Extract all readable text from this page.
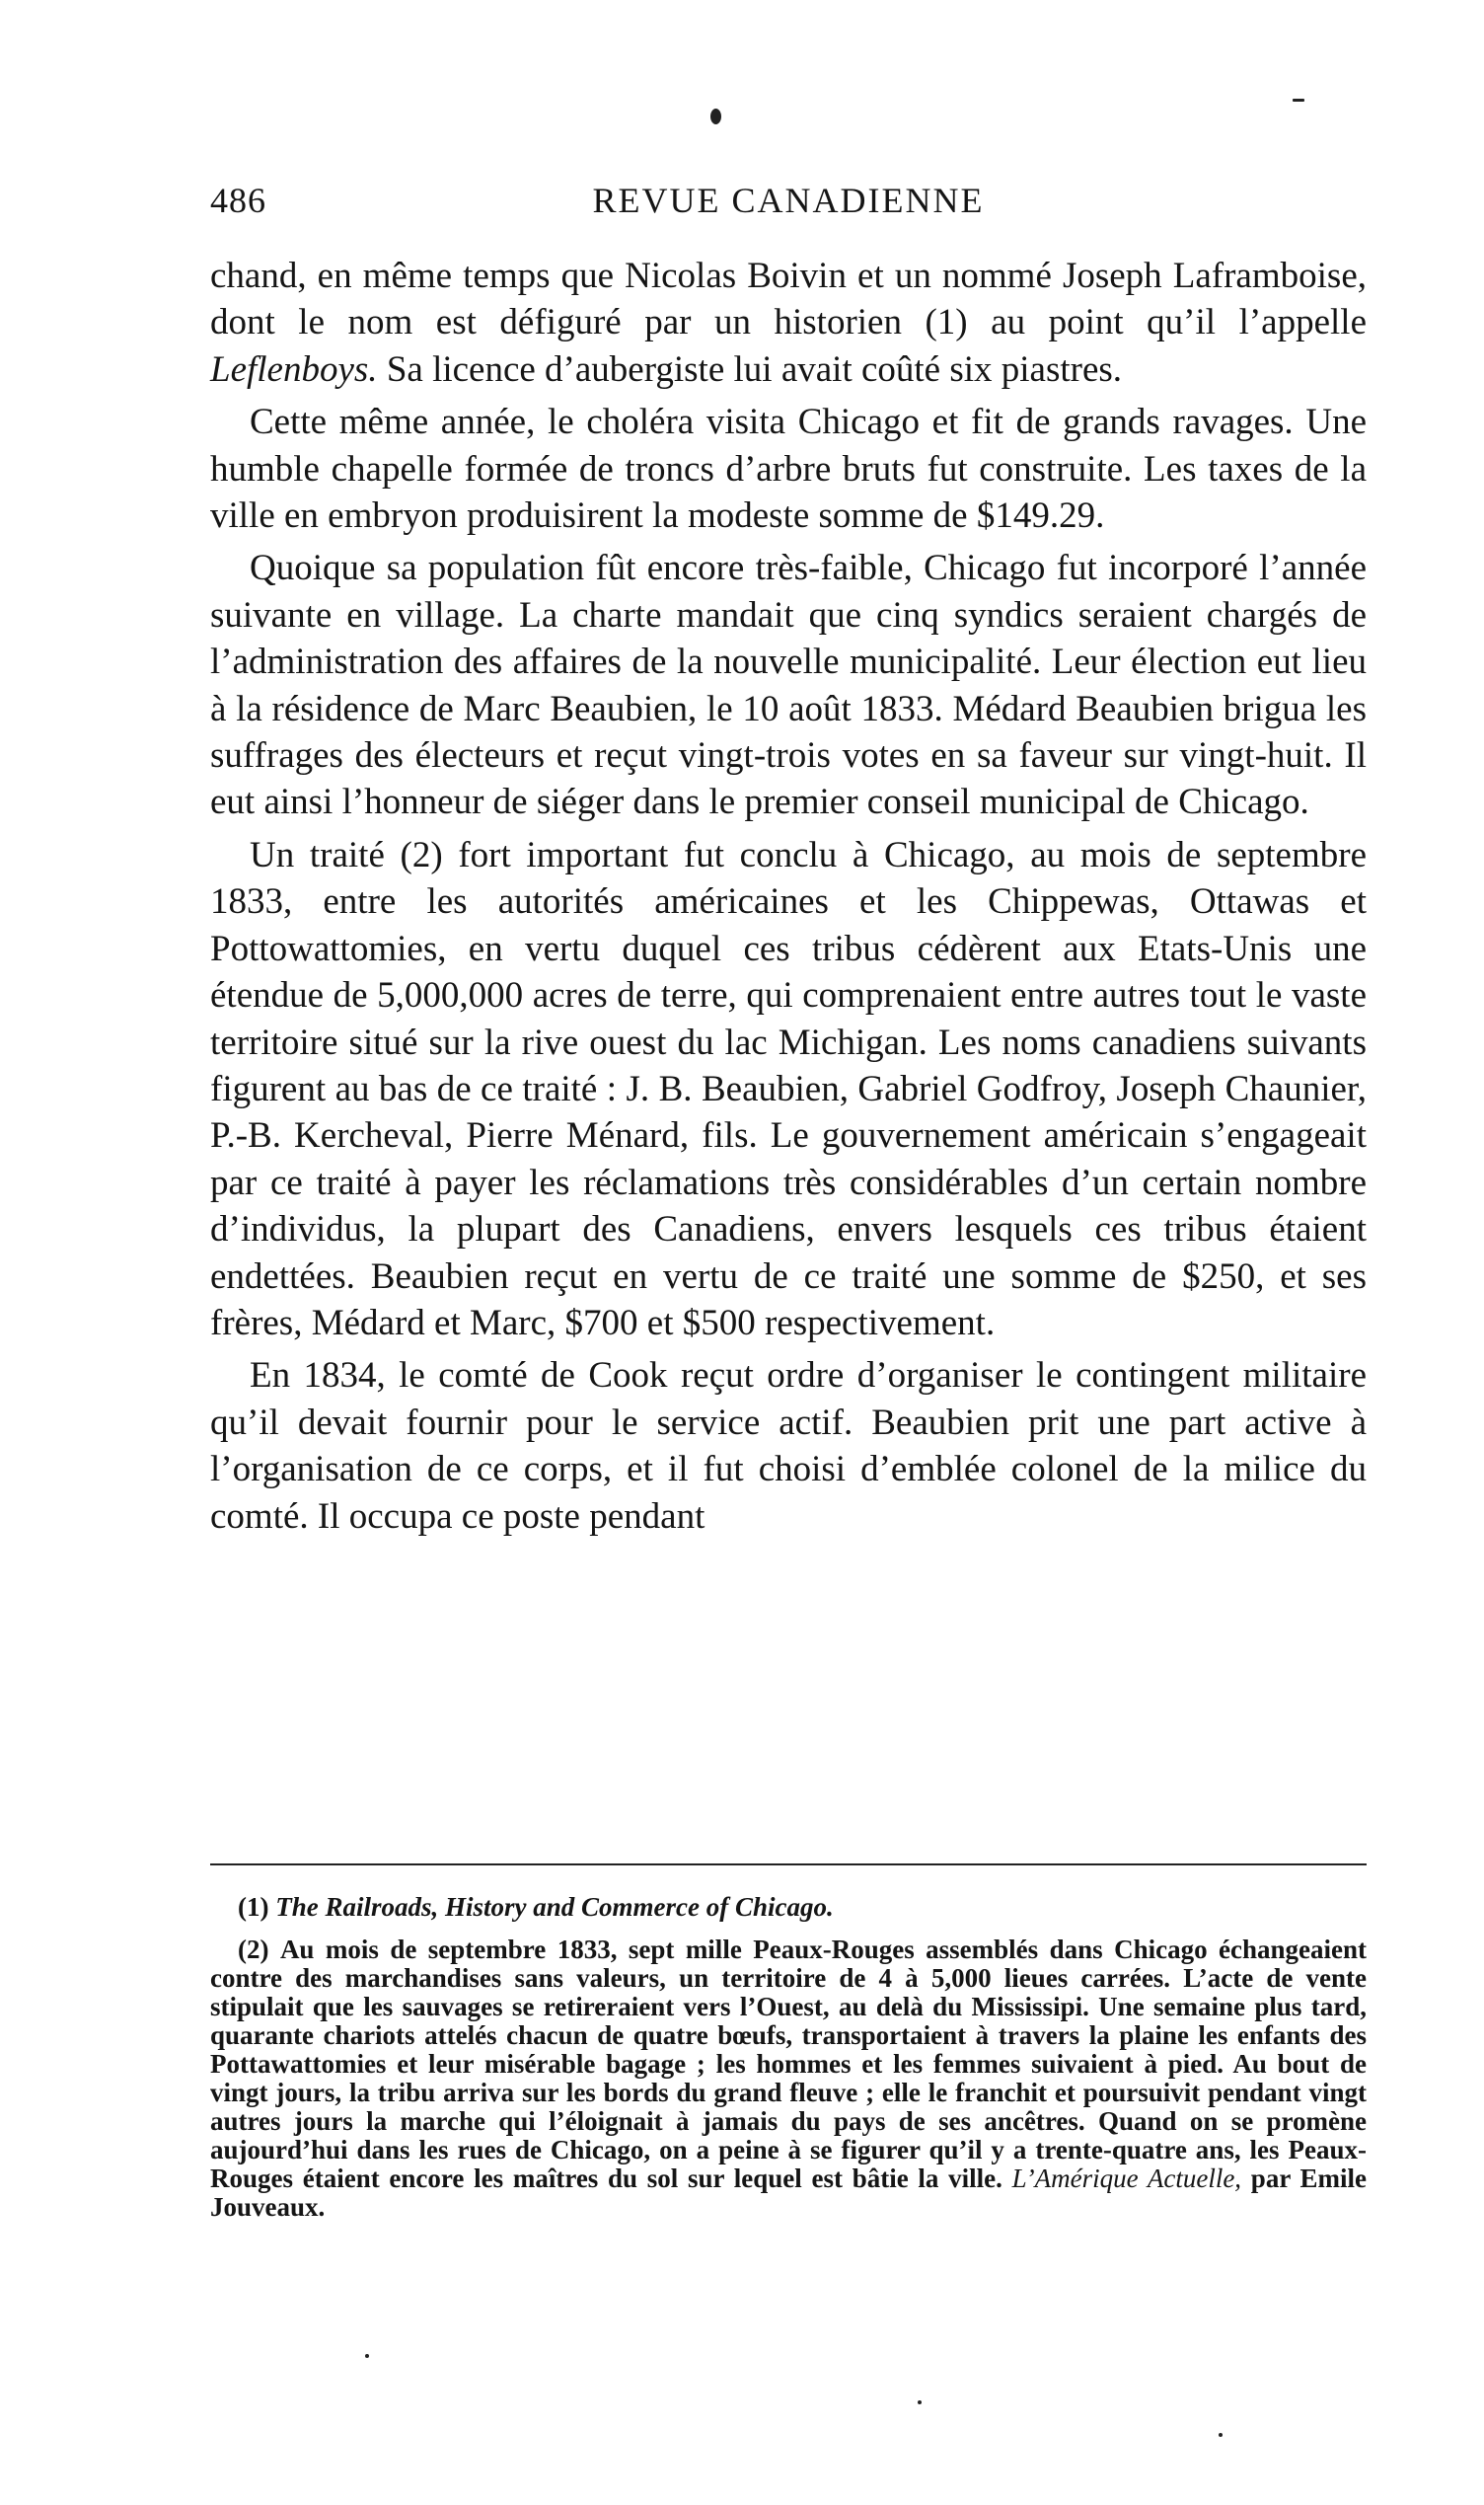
486	REVUE CANADIENNE

chand, en même temps que Nicolas Boivin et un nommé Joseph Laframboise, dont le nom est défiguré par un historien (1) au point qu’il l’appelle Leflenboys. Sa licence d’aubergiste lui avait coûté six piastres.

Cette même année, le choléra visita Chicago et fit de grands ravages. Une humble chapelle formée de troncs d’arbre bruts fut construite. Les taxes de la ville en embryon produisirent la modeste somme de $149.29.

Quoique sa population fût encore très-faible, Chicago fut incorporé l’année suivante en village. La charte mandait que cinq syndics seraient chargés de l’administration des affaires de la nouvelle municipalité. Leur élection eut lieu à la résidence de Marc Beaubien, le 10 août 1833. Médard Beaubien brigua les suffrages des électeurs et reçut vingt-trois votes en sa faveur sur vingt-huit. Il eut ainsi l’honneur de siéger dans le premier conseil municipal de Chicago.

Un traité (2) fort important fut conclu à Chicago, au mois de septembre 1833, entre les autorités américaines et les Chippewas, Ottawas et Pottowattomies, en vertu duquel ces tribus cédèrent aux Etats-Unis une étendue de 5,000,000 acres de terre, qui comprenaient entre autres tout le vaste territoire situé sur la rive ouest du lac Michigan. Les noms canadiens suivants figurent au bas de ce traité : J. B. Beaubien, Gabriel Godfroy, Joseph Chaunier, P.-B. Kercheval, Pierre Ménard, fils. Le gouvernement américain s’engageait par ce traité à payer les réclamations très considérables d’un certain nombre d’individus, la plupart des Canadiens, envers lesquels ces tribus étaient endettées. Beaubien reçut en vertu de ce traité une somme de $250, et ses frères, Médard et Marc, $700 et $500 respectivement.

En 1834, le comté de Cook reçut ordre d’organiser le contingent militaire qu’il devait fournir pour le service actif. Beaubien prit une part active à l’organisation de ce corps, et il fut choisi d’emblée colonel de la milice du comté. Il occupa ce poste pendant

(1) The Railroads, History and Commerce of Chicago.

(2) Au mois de septembre 1833, sept mille Peaux-Rouges assemblés dans Chicago échangeaient contre des marchandises sans valeurs, un territoire de 4 à 5,000 lieues carrées. L’acte de vente stipulait que les sauvages se retireraient vers l’Ouest, au delà du Mississipi. Une semaine plus tard, quarante chariots attelés chacun de quatre bœufs, transportaient à travers la plaine les enfants des Pottawattomies et leur misérable bagage ; les hommes et les femmes suivaient à pied. Au bout de vingt jours, la tribu arriva sur les bords du grand fleuve ; elle le franchit et poursuivit pendant vingt autres jours la marche qui l’éloignait à jamais du pays de ses ancêtres. Quand on se promène aujourd’hui dans les rues de Chicago, on a peine à se figurer qu’il y a trente-quatre ans, les Peaux-Rouges étaient encore les maîtres du sol sur lequel est bâtie la ville. L’Amérique Actuelle, par Emile Jouveaux.
